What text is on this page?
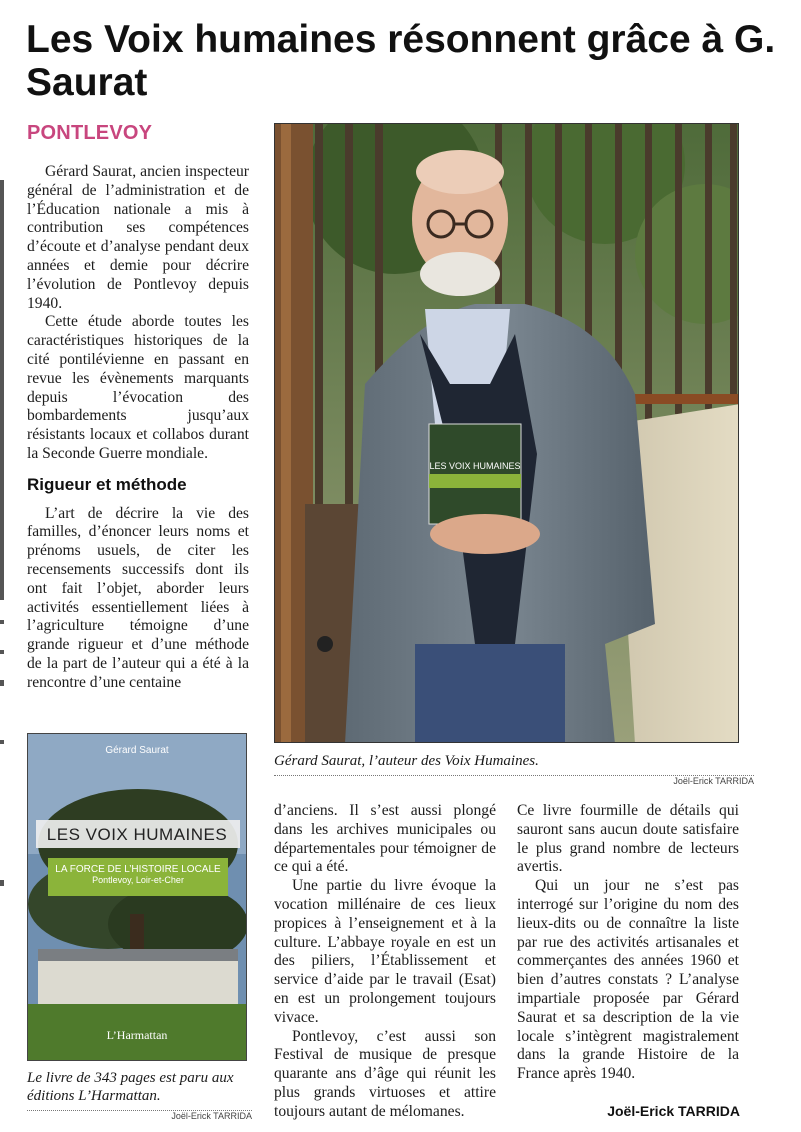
Les Voix humaines résonnent grâce à G. Saurat
PONTLEVOY

Gérard Saurat, ancien inspecteur général de l’administration et de l’Éducation nationale a mis à contribution ses compétences d’écoute et d’analyse pendant deux années et demie pour décrire l’évolution de Pontlevoy depuis 1940.

Cette étude aborde toutes les caractéristiques historiques de la cité pontilévienne en passant en revue les évènements marquants depuis l’évocation des bombardements jusqu’aux résistants locaux et collabos durant la Seconde Guerre mondiale.

Rigueur et méthode

L’art de décrire la vie des familles, d’énoncer leurs noms et prénoms usuels, de citer les recensements successifs dont ils ont fait l’objet, aborder leurs activités essentiellement liées à l’agriculture témoigne d’une grande rigueur et d’une méthode de la part de l’auteur qui a été à la rencontre d’une centaine

LES VOIX HUMAINES
Gérard Saurat, l’auteur des Voix Humaines.
Joël-Erick TARRIDA
Gérard Saurat
LES VOIX HUMAINES
LA FORCE DE L’HISTOIRE LOCALE
Pontlevoy, Loir-et-Cher
L’Harmattan
Le livre de 343 pages est paru aux éditions L’Harmattan.
Joël-Erick TARRIDA

d’anciens. Il s’est aussi plongé dans les archives municipales ou départementales pour témoigner de ce qui a été.

Une partie du livre évoque la vocation millénaire de ces lieux propices à l’enseignement et à la culture. L’abbaye royale en est un des piliers, l’Établissement et service d’aide par le travail (Esat) en est un prolongement toujours vivace.

Pontlevoy, c’est aussi son Festival de musique de presque quarante ans d’âge qui réunit les plus grands virtuoses et attire toujours autant de mélomanes.

Ce livre fourmille de détails qui sauront sans aucun doute satisfaire le plus grand nombre de lecteurs avertis.

Qui un jour ne s’est pas interrogé sur l’origine du nom des lieux-dits ou de connaître la liste par rue des activités artisanales et commerçantes des années 1960 et bien d’autres constats ? L’analyse impartiale proposée par Gérard Saurat et sa description de la vie locale s’intègrent magistralement dans la grande Histoire de la France après 1940.

Joël-Erick TARRIDA
